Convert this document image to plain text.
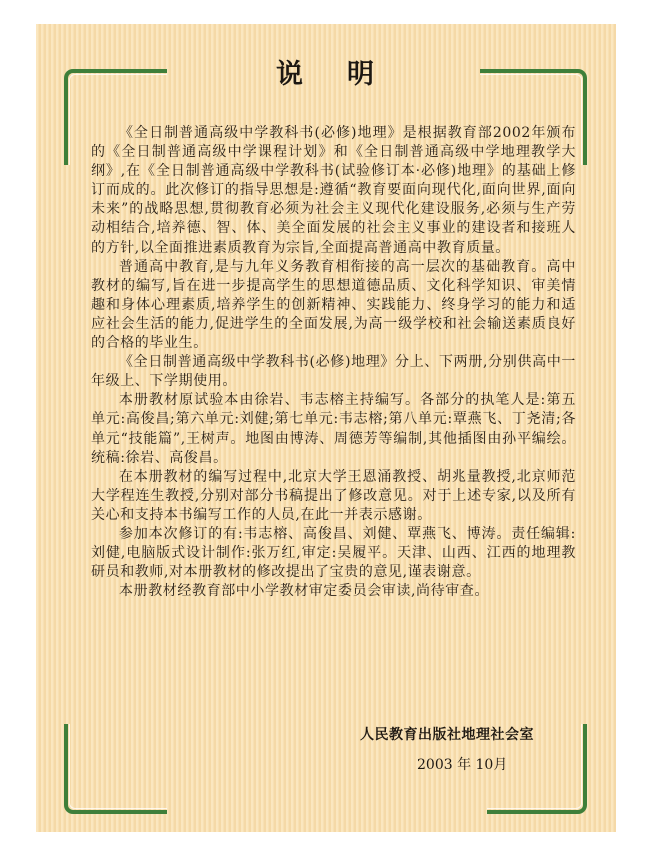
说明

《全日制普通高级中学教科书(必修)地理》是根据教育部2002年颁布的《全日制普通高级中学课程计划》和《全日制普通高级中学地理教学大纲》,在《全日制普通高级中学教科书(试验修订本·必修)地理》的基础上修订而成的。此次修订的指导思想是:遵循“教育要面向现代化,面向世界,面向未来”的战略思想,贯彻教育必须为社会主义现代化建设服务,必须与生产劳动相结合,培养德、智、体、美全面发展的社会主义事业的建设者和接班人的方针,以全面推进素质教育为宗旨,全面提高普通高中教育质量。

普通高中教育,是与九年义务教育相衔接的高一层次的基础教育。高中教材的编写,旨在进一步提高学生的思想道德品质、文化科学知识、审美情趣和身体心理素质,培养学生的创新精神、实践能力、终身学习的能力和适应社会生活的能力,促进学生的全面发展,为高一级学校和社会输送素质良好的合格的毕业生。

《全日制普通高级中学教科书(必修)地理》分上、下两册,分别供高中一年级上、下学期使用。

本册教材原试验本由徐岩、韦志榕主持编写。各部分的执笔人是:第五单元:高俊昌;第六单元:刘健;第七单元:韦志榕;第八单元:覃燕飞、丁尧清;各单元“技能篇”,王树声。地图由博涛、周德芳等编制,其他插图由孙平编绘。统稿:徐岩、高俊昌。

在本册教材的编写过程中,北京大学王恩涌教授、胡兆量教授,北京师范大学程连生教授,分别对部分书稿提出了修改意见。对于上述专家,以及所有关心和支持本书编写工作的人员,在此一并表示感谢。

参加本次修订的有:韦志榕、高俊昌、刘健、覃燕飞、博涛。责任编辑:刘健,电脑版式设计制作:张万红,审定:吴履平。天津、山西、江西的地理教研员和教师,对本册教材的修改提出了宝贵的意见,谨表谢意。

本册教材经教育部中小学教材审定委员会审读,尚待审查。

人民教育出版社地理社会室
2003 年 10月
